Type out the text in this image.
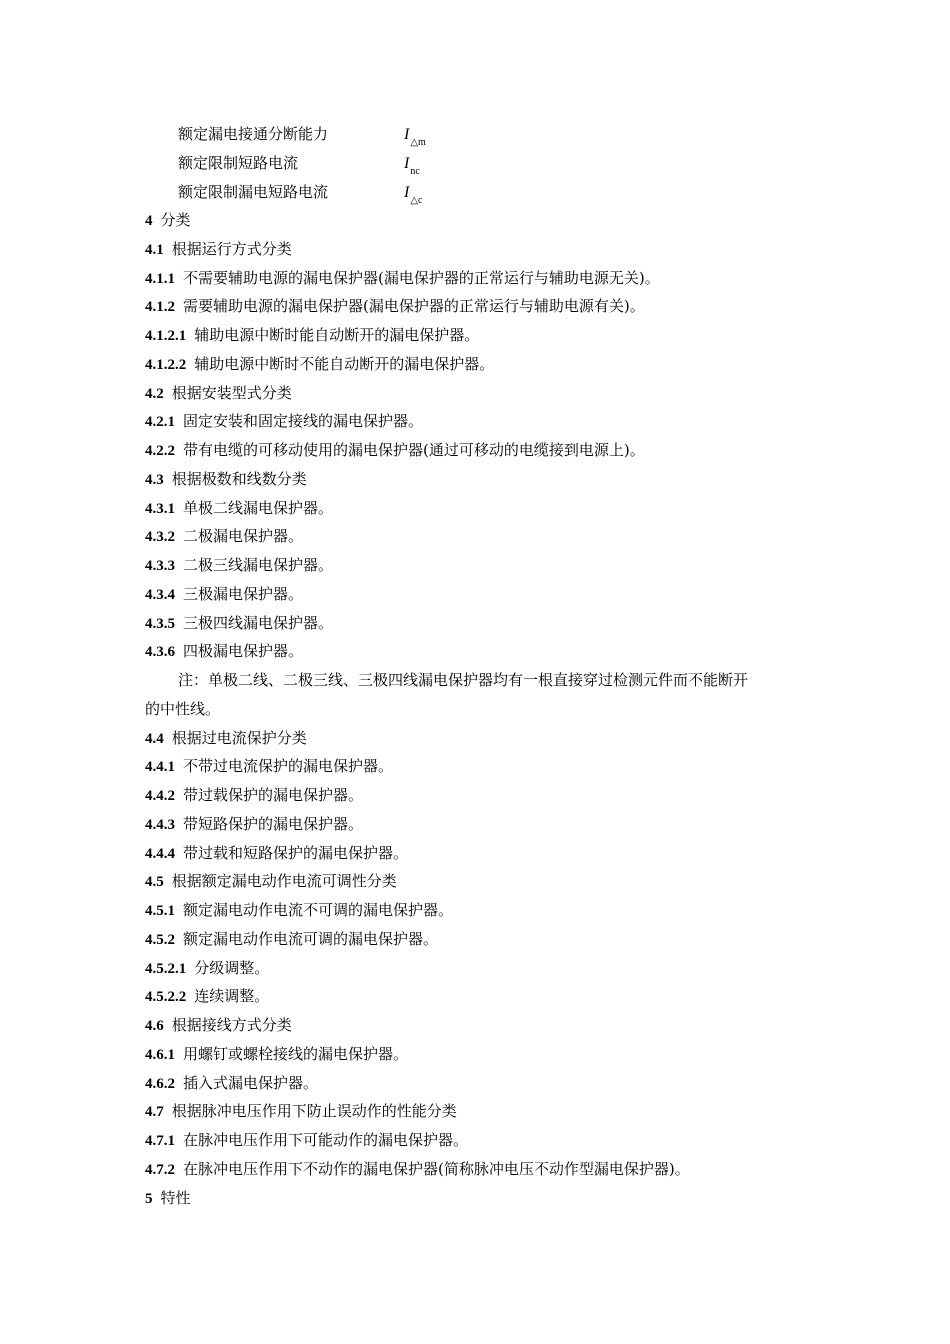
额定漏电接通分断能力	$I_{\triangle m}$
额定限制短路电流	$I_{nc}$
额定限制漏电短路电流	$I_{\triangle c}$
4 分类
4.1 根据运行方式分类
4.1.1 不需要辅助电源的漏电保护器(漏电保护器的正常运行与辅助电源无关)。
4.1.2 需要辅助电源的漏电保护器(漏电保护器的正常运行与辅助电源有关)。
4.1.2.1 辅助电源中断时能自动断开的漏电保护器。
4.1.2.2 辅助电源中断时不能自动断开的漏电保护器。
4.2 根据安装型式分类
4.2.1 固定安装和固定接线的漏电保护器。
4.2.2 带有电缆的可移动使用的漏电保护器(通过可移动的电缆接到电源上)。
4.3 根据极数和线数分类
4.3.1 单极二线漏电保护器。
4.3.2 二极漏电保护器。
4.3.3 二极三线漏电保护器。
4.3.4 三极漏电保护器。
4.3.5 三极四线漏电保护器。
4.3.6 四极漏电保护器。
注：单极二线、二极三线、三极四线漏电保护器均有一根直接穿过检测元件而不能断开
的中性线。
4.4 根据过电流保护分类
4.4.1 不带过电流保护的漏电保护器。
4.4.2 带过载保护的漏电保护器。
4.4.3 带短路保护的漏电保护器。
4.4.4 带过载和短路保护的漏电保护器。
4.5 根据额定漏电动作电流可调性分类
4.5.1 额定漏电动作电流不可调的漏电保护器。
4.5.2 额定漏电动作电流可调的漏电保护器。
4.5.2.1 分级调整。
4.5.2.2 连续调整。
4.6 根据接线方式分类
4.6.1 用螺钉或螺栓接线的漏电保护器。
4.6.2 插入式漏电保护器。
4.7 根据脉冲电压作用下防止误动作的性能分类
4.7.1 在脉冲电压作用下可能动作的漏电保护器。
4.7.2 在脉冲电压作用下不动作的漏电保护器(简称脉冲电压不动作型漏电保护器)。
5 特性
